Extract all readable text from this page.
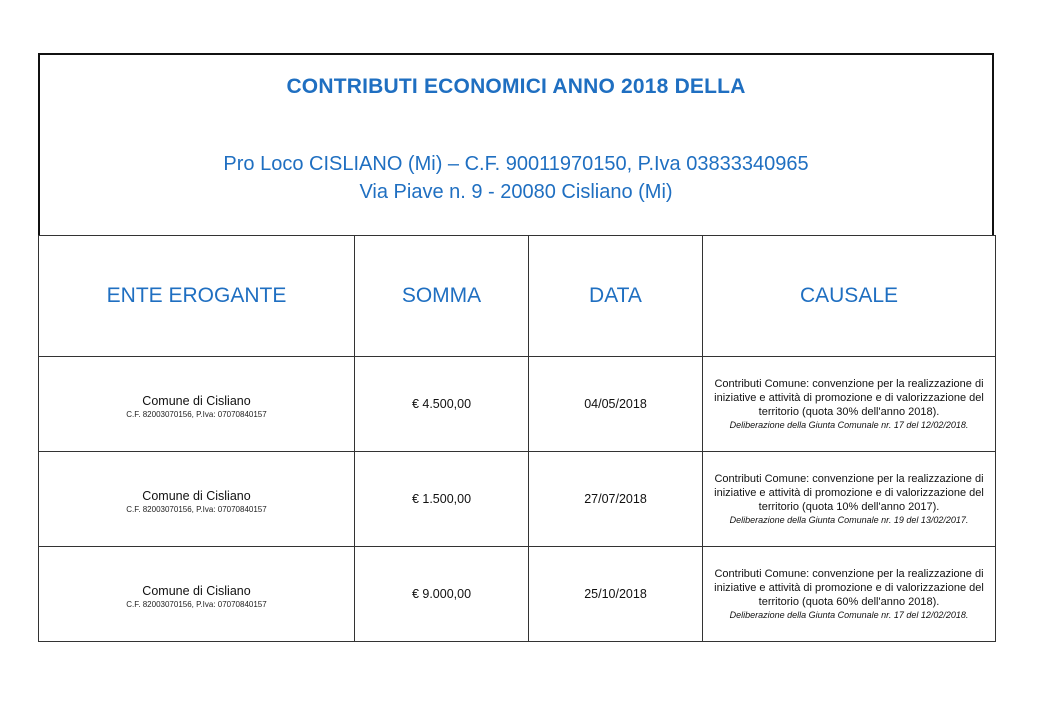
CONTRIBUTI ECONOMICI ANNO 2018 DELLA
Pro Loco CISLIANO (Mi) – C.F. 90011970150, P.Iva 03833340965
Via Piave n. 9 - 20080 Cisliano (Mi)
ENTE EROGANTE	SOMMA	DATA	CAUSALE

Comune di Cisliano
C.F. 82003070156, P.Iva: 07070840157	€ 4.500,00	04/05/2018	Contributi Comune: convenzione per la realizzazione di iniziative e attività di promozione e di valorizzazione del territorio (quota 30% dell'anno 2018).
Deliberazione della Giunta Comunale nr. 17 del 12/02/2018.

Comune di Cisliano
C.F. 82003070156, P.Iva: 07070840157	€ 1.500,00	27/07/2018	Contributi Comune: convenzione per la realizzazione di iniziative e attività di promozione e di valorizzazione del territorio (quota 10% dell'anno 2017).
Deliberazione della Giunta Comunale nr. 19 del 13/02/2017.

Comune di Cisliano
C.F. 82003070156, P.Iva: 07070840157	€ 9.000,00	25/10/2018	Contributi Comune: convenzione per la realizzazione di iniziative e attività di promozione e di valorizzazione del territorio (quota 60% dell'anno 2018).
Deliberazione della Giunta Comunale nr. 17 del 12/02/2018.
